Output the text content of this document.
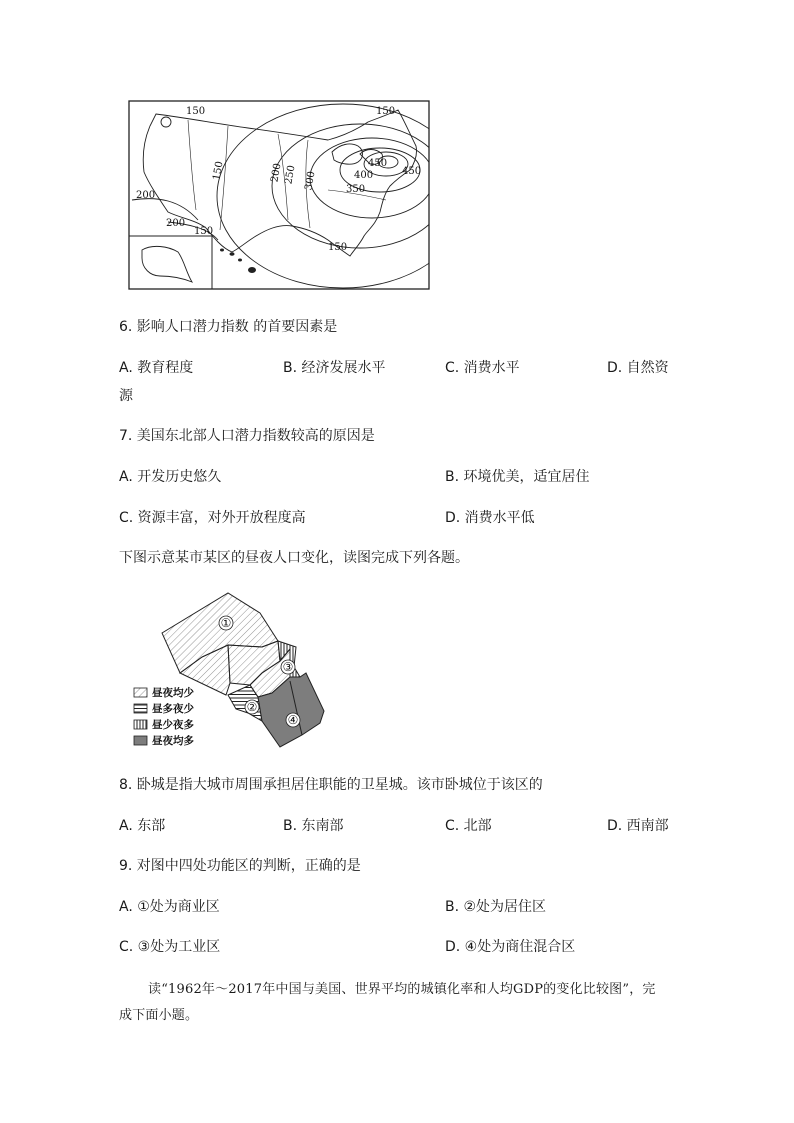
150	150
150	200 250 300	350
400
450
450
200
200
150
150
6. 影响人口潜力指数 的首要因素是
A. 教育程度	B. 经济发展水平	C. 消费水平	D. 自然资
源
7. 美国东北部人口潜力指数较高的原因是
A. 开发历史悠久	B. 环境优美，适宜居住
C. 资源丰富，对外开放程度高	D. 消费水平低
下图示意某市某区的昼夜人口变化，读图完成下列各题。
①
②
③
④
昼夜均少
昼多夜少
昼少夜多
昼夜均多
8. 卧城是指大城市周围承担居住职能的卫星城。该市卧城位于该区的
A. 东部	B. 东南部	C. 北部	D. 西南部
9. 对图中四处功能区的判断，正确的是
A. ①处为商业区	B. ②处为居住区
C. ③处为工业区	D. ④处为商住混合区
读“1962年～2017年中国与美国、世界平均的城镇化率和人均GDP的变化比较图”，完
成下面小题。
